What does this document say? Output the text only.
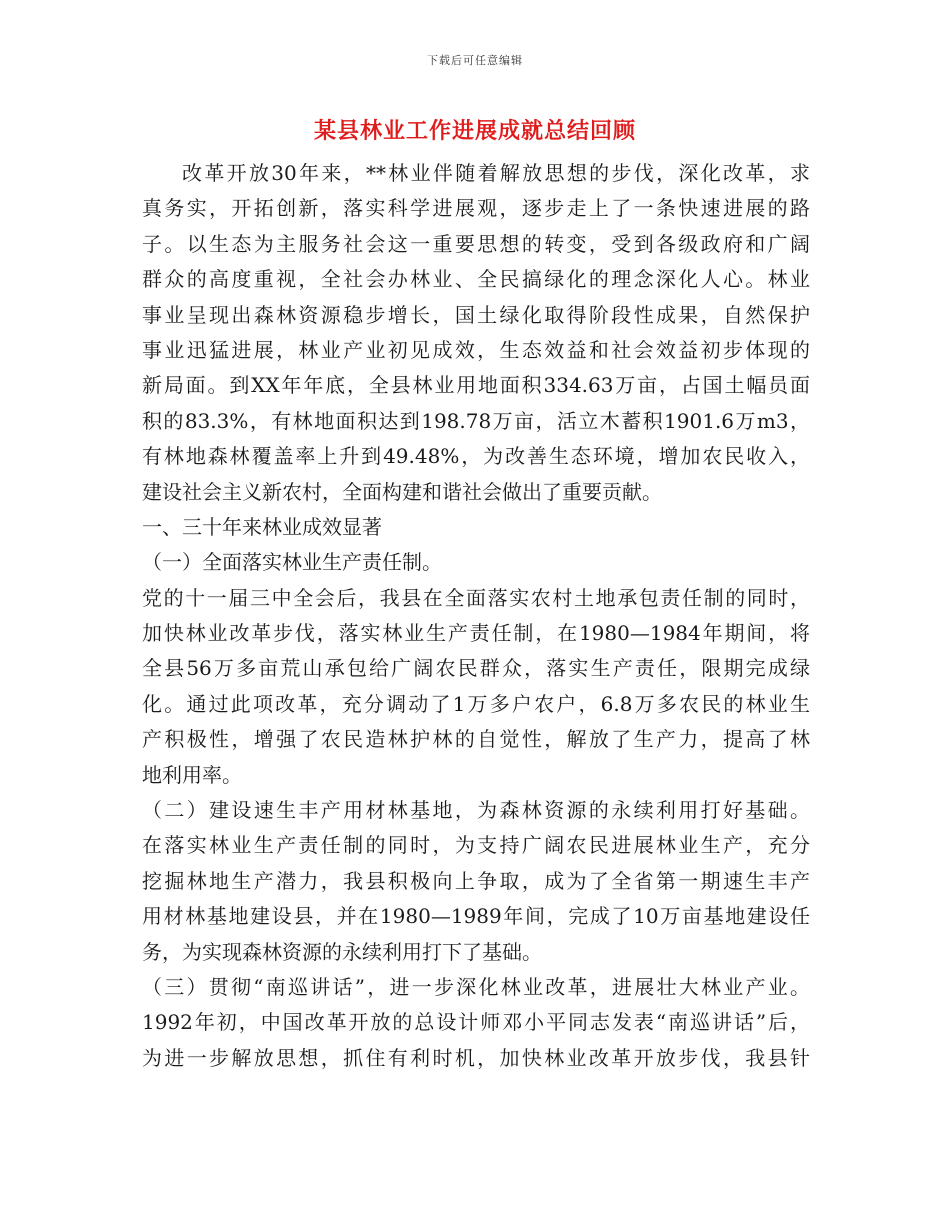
下载后可任意编辑
某县林业工作进展成就总结回顾
改革开放30年来，**林业伴随着解放思想的步伐，深化改革，求
真务实，开拓创新，落实科学进展观，逐步走上了一条快速进展的路
子。以生态为主服务社会这一重要思想的转变，受到各级政府和广阔
群众的高度重视，全社会办林业、全民搞绿化的理念深化人心。林业
事业呈现出森林资源稳步增长，国土绿化取得阶段性成果，自然保护
事业迅猛进展，林业产业初见成效，生态效益和社会效益初步体现的
新局面。到XX年年底，全县林业用地面积334.63万亩，占国土幅员面
积的83.3%，有林地面积达到198.78万亩，活立木蓄积1901.6万m3，
有林地森林覆盖率上升到49.48%，为改善生态环境，增加农民收入，
建设社会主义新农村，全面构建和谐社会做出了重要贡献。
一、三十年来林业成效显著
（一）全面落实林业生产责任制。
党的十一届三中全会后，我县在全面落实农村土地承包责任制的同时，
加快林业改革步伐，落实林业生产责任制，在1980—1984年期间，将
全县56万多亩荒山承包给广阔农民群众，落实生产责任，限期完成绿
化。通过此项改革，充分调动了1万多户农户，6.8万多农民的林业生
产积极性，增强了农民造林护林的自觉性，解放了生产力，提高了林
地利用率。
（二）建设速生丰产用材林基地，为森林资源的永续利用打好基础。
在落实林业生产责任制的同时，为支持广阔农民进展林业生产，充分
挖掘林地生产潜力，我县积极向上争取，成为了全省第一期速生丰产
用材林基地建设县，并在1980—1989年间，完成了10万亩基地建设任
务，为实现森林资源的永续利用打下了基础。
（三）贯彻“南巡讲话”，进一步深化林业改革，进展壮大林业产业。
1992年初，中国改革开放的总设计师邓小平同志发表“南巡讲话”后，
为进一步解放思想，抓住有利时机，加快林业改革开放步伐，我县针
